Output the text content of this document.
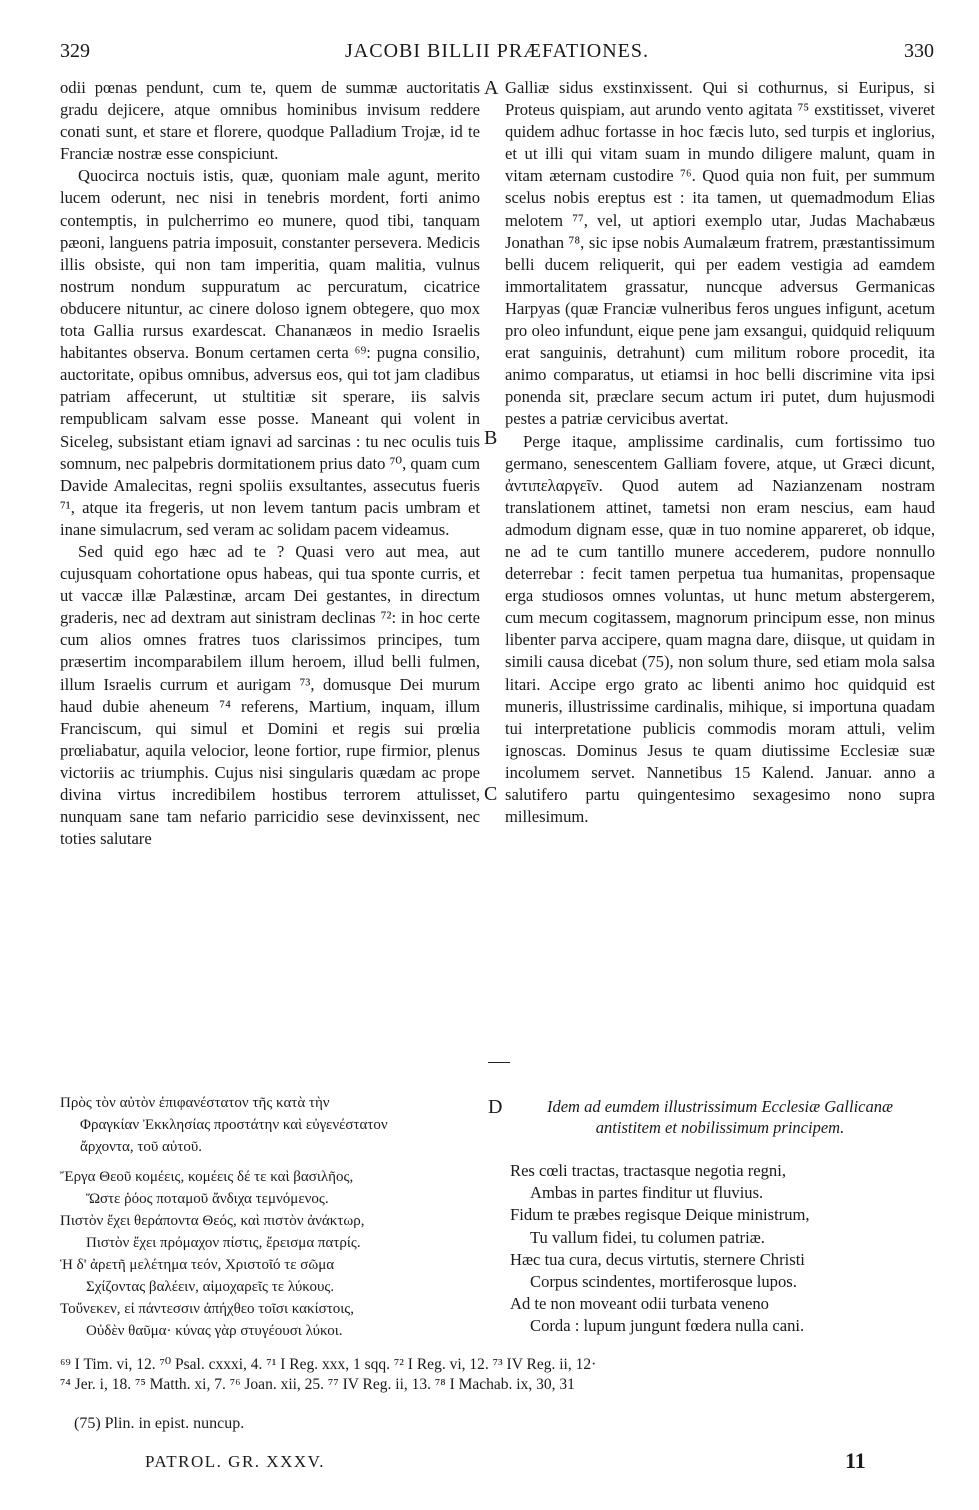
329	JACOBI BILLII PRÆFATIONES.	330
A
B
C
D

odii pœnas pendunt, cum te, quem de summæ auctoritatis gradu dejicere, atque omnibus hominibus invisum reddere conati sunt, et stare et florere, quodque Palladium Trojæ, id te Franciæ nostræ esse conspiciunt.

Quocirca noctuis istis, quæ, quoniam male agunt, merito lucem oderunt, nec nisi in tenebris mordent, forti animo contemptis, in pulcherrimo eo munere, quod tibi, tanquam pæoni, languens patria imposuit, constanter persevera. Medicis illis obsiste, qui non tam imperitia, quam malitia, vulnus nostrum nondum suppuratum ac percuratum, cicatrice obducere nituntur, ac cinere doloso ignem obtegere, quo mox tota Gallia rursus exardescat. Chananæos in medio Israelis habitantes observa. Bonum certamen certa ⁶⁹: pugna consilio, auctoritate, opibus omnibus, adversus eos, qui tot jam cladibus patriam affecerunt, ut stultitiæ sit sperare, iis salvis rempublicam salvam esse posse. Maneant qui volent in Siceleg, subsistant etiam ignavi ad sarcinas : tu nec oculis tuis somnum, nec palpebris dormitationem prius dato ⁷⁰, quam cum Davide Amalecitas, regni spoliis exsultantes, assecutus fueris ⁷¹, atque ita fregeris, ut non levem tantum pacis umbram et inane simulacrum, sed veram ac solidam pacem videamus.

Sed quid ego hæc ad te ? Quasi vero aut mea, aut cujusquam cohortatione opus habeas, qui tua sponte curris, et ut vaccæ illæ Palæstinæ, arcam Dei gestantes, in directum graderis, nec ad dextram aut sinistram declinas ⁷²: in hoc certe cum alios omnes fratres tuos clarissimos principes, tum præsertim incomparabilem illum heroem, illud belli fulmen, illum Israelis currum et aurigam ⁷³, domusque Dei murum haud dubie aheneum ⁷⁴ referens, Martium, inquam, illum Franciscum, qui simul et Domini et regis sui prœlia prœliabatur, aquila velocior, leone fortior, rupe firmior, plenus victoriis ac triumphis. Cujus nisi singularis quædam ac prope divina virtus incredibilem hostibus terrorem attulisset, nunquam sane tam nefario parricidio sese devinxissent, nec toties salutare

Galliæ sidus exstinxissent. Qui si cothurnus, si Euripus, si Proteus quispiam, aut arundo vento agitata ⁷⁵ exstitisset, viveret quidem adhuc fortasse in hoc fæcis luto, sed turpis et inglorius, et ut illi qui vitam suam in mundo diligere malunt, quam in vitam æternam custodire ⁷⁶. Quod quia non fuit, per summum scelus nobis ereptus est : ita tamen, ut quemadmodum Elias melotem ⁷⁷, vel, ut aptiori exemplo utar, Judas Machabæus Jonathan ⁷⁸, sic ipse nobis Aumalæum fratrem, præstantissimum belli ducem reliquerit, qui per eadem vestigia ad eamdem immortalitatem grassatur, nuncque adversus Germanicas Harpyas (quæ Franciæ vulneribus feros ungues infigunt, acetum pro oleo infundunt, eique pene jam exsangui, quidquid reliquum erat sanguinis, detrahunt) cum militum robore procedit, ita animo comparatus, ut etiamsi in hoc belli discrimine vita ipsi ponenda sit, præclare secum actum iri putet, dum hujusmodi pestes a patriæ cervicibus avertat.

Perge itaque, amplissime cardinalis, cum fortissimo tuo germano, senescentem Galliam fovere, atque, ut Græci dicunt, ἀντιπελαργεῖν. Quod autem ad Nazianzenam nostram translationem attinet, tametsi non eram nescius, eam haud admodum dignam esse, quæ in tuo nomine appareret, ob idque, ne ad te cum tantillo munere accederem, pudore nonnullo deterrebar : fecit tamen perpetua tua humanitas, propensaque erga studiosos omnes voluntas, ut hunc metum abstergerem, cum mecum cogitassem, magnorum principum esse, non minus libenter parva accipere, quam magna dare, diisque, ut quidam in simili causa dicebat (75), non solum thure, sed etiam mola salsa litari. Accipe ergo grato ac libenti animo hoc quidquid est muneris, illustrissime cardinalis, mihique, si importuna quadam tui interpretatione publicis commodis moram attuli, velim ignoscas. Dominus Jesus te quam diutissime Ecclesiæ suæ incolumem servet. Nannetibus 15 Kalend. Januar. anno a salutifero partu quingentesimo sexagesimo nono supra millesimum.

Πρὸς τὸν αὐτὸν ἐπιφανέστατον τῆς κατὰ τὴν
Φραγκίαν Ἐκκλησίας προστάτην καὶ εὐγενέστατον
ἄρχοντα, τοῦ αὐτοῦ.
Ἔργα Θεοῦ κομέεις, κομέεις δέ τε καὶ βασιλῆος,
Ὥστε ῥόος ποταμοῦ ἄνδιχα τεμνόμενος.
Πιστὸν ἔχει θεράποντα Θεός, καὶ πιστὸν ἀνάκτωρ,
Πιστὸν ἔχει πρόμαχον πίστις, ἔρεισμα πατρίς.
Ἡ δ' ἀρετῆ μελέτημα τεόν, Χριστοῖό τε σῶμα
Σχίζοντας βαλέειν, αἱμοχαρεῖς τε λύκους.
Τοὔνεκεν, εἰ πάντεσσιν ἀπήχθεο τοῖσι κακίστοις,
Οὐδὲν θαῦμα· κύνας γὰρ στυγέουσι λύκοι.
Idem ad eumdem illustrissimum Ecclesiæ Gallicanæ
antistitem et nobilissimum principem.
Res cœli tractas, tractasque negotia regni,
Ambas in partes finditur ut fluvius.
Fidum te præbes regisque Deique ministrum,
Tu vallum fidei, tu columen patriæ.
Hæc tua cura, decus virtutis, sternere Christi
Corpus scindentes, mortiferosque lupos.
Ad te non moveant odii turbata veneno
Corda : lupum jungunt fœdera nulla cani.
⁶⁹ I Tim. vi, 12. ⁷⁰ Psal. cxxxi, 4. ⁷¹ I Reg. xxx, 1 sqq. ⁷² I Reg. vi, 12. ⁷³ IV Reg. ii, 12·
⁷⁴ Jer. i, 18. ⁷⁵ Matth. xi, 7. ⁷⁶ Joan. xii, 25. ⁷⁷ IV Reg. ii, 13. ⁷⁸ I Machab. ix, 30, 31
(75) Plin. in epist. nuncup.
PATROL. GR. XXXV.	11
